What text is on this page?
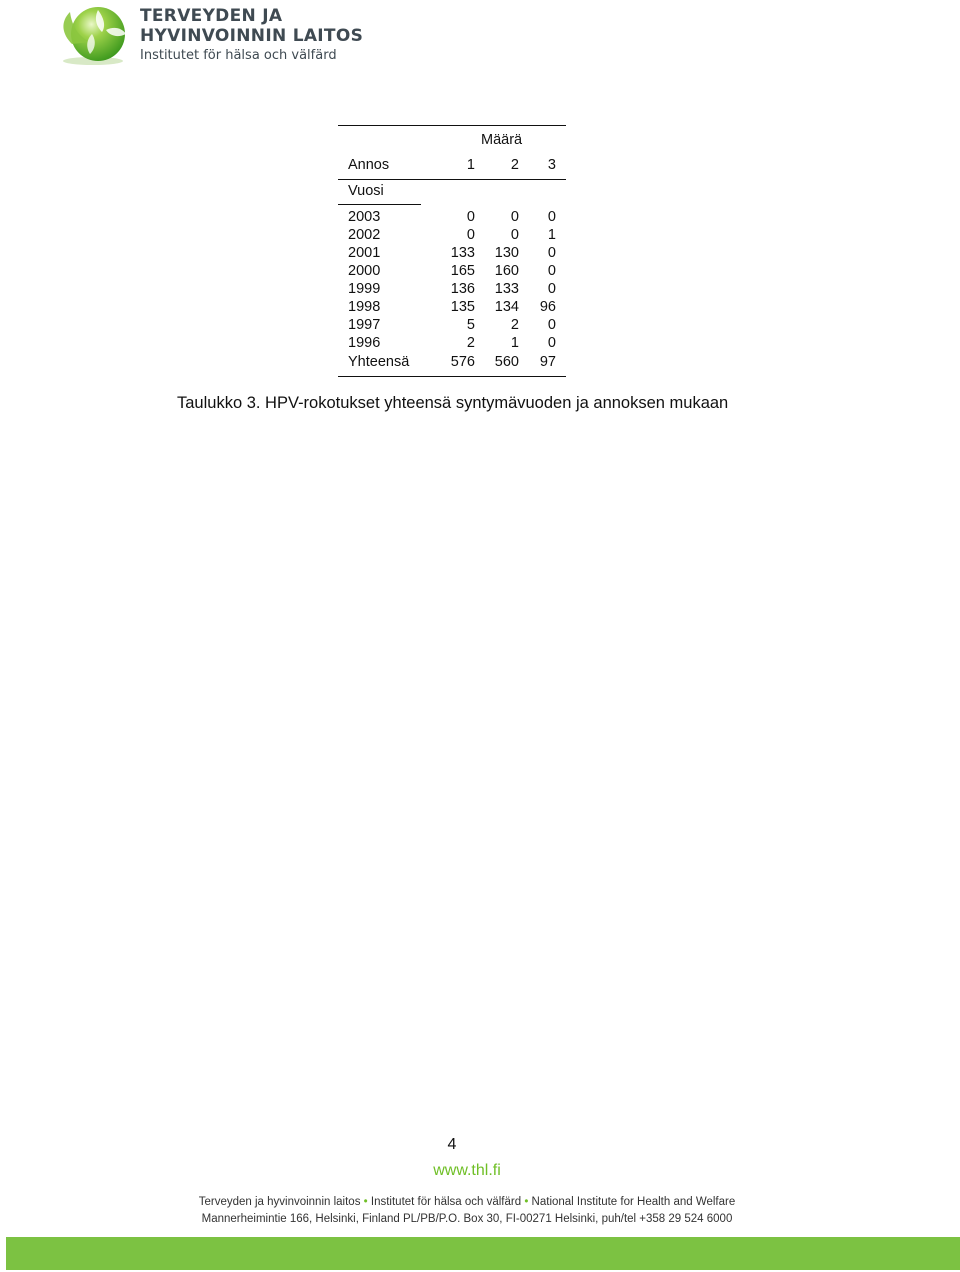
TERVEYDEN JA
HYVINVOINNIN LAITOS
Institutet för hälsa och välfärd
Määrä
Annos	1 2 3
Vuosi
2003	0 0 0
2002	0 0 1
2001	133 130 0
2000	165 160 0
1999	136 133 0
1998	135 134 96
1997	5 2 0
1996	2 1 0
Yhteensä	576 560 97
Taulukko 3. HPV-rokotukset yhteensä syntymävuoden ja annoksen mukaan
4
www.thl.fi
Terveyden ja hyvinvoinnin laitos • Institutet för hälsa och välfärd • National Institute for Health and Welfare
Mannerheimintie 166, Helsinki, Finland PL/PB/P.O. Box 30, FI-00271 Helsinki, puh/tel +358 29 524 6000
